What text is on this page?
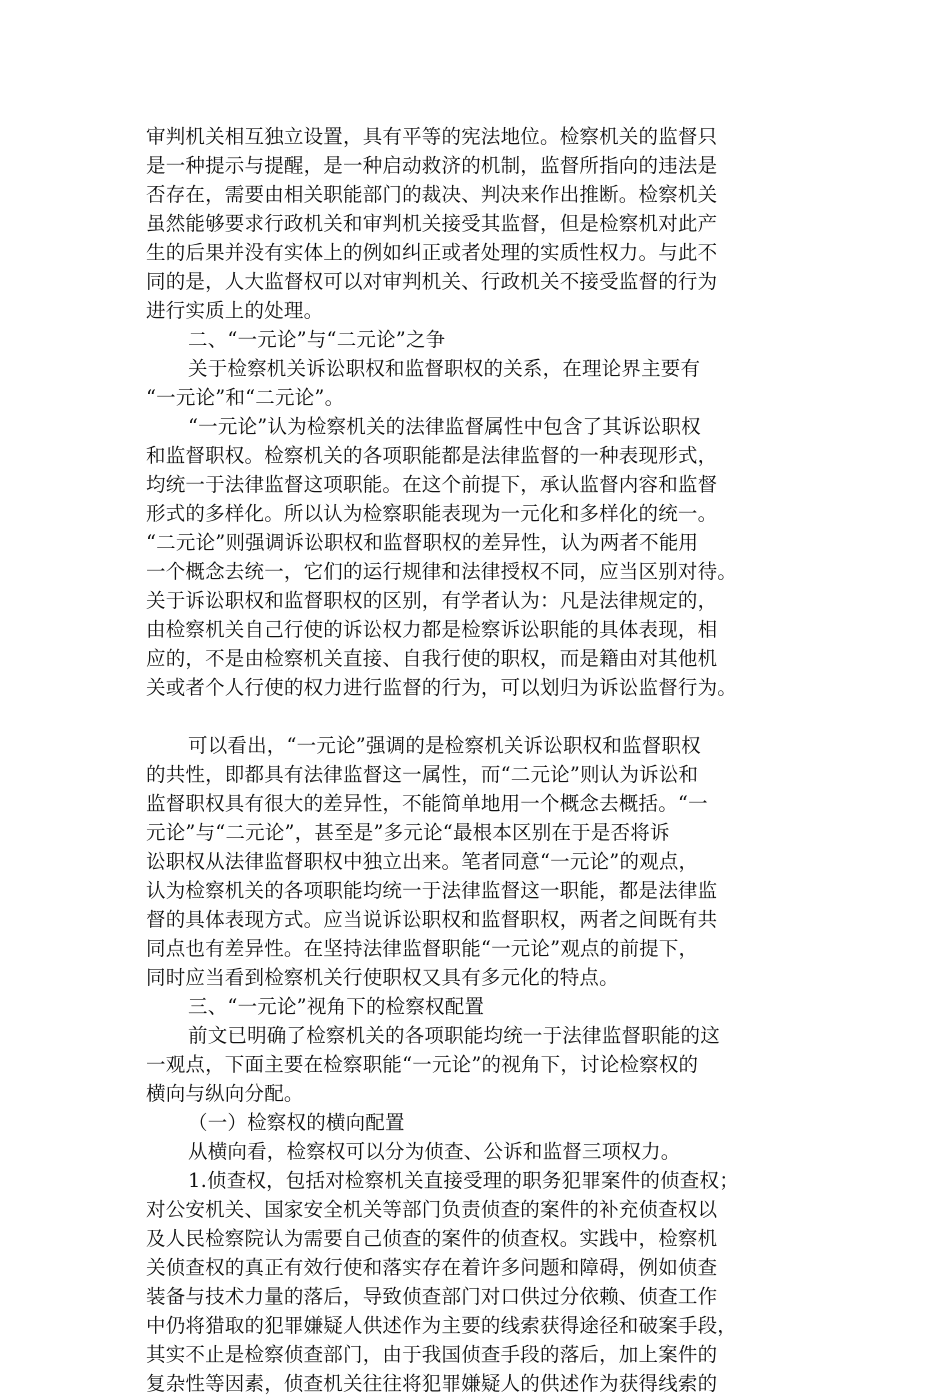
审判机关相互独立设置，具有平等的宪法地位。检察机关的监督只
是一种提示与提醒，是一种启动救济的机制，监督所指向的违法是
否存在，需要由相关职能部门的裁决、判决来作出推断。检察机关
虽然能够要求行政机关和审判机关接受其监督，但是检察机对此产
生的后果并没有实体上的例如纠正或者处理的实质性权力。与此不
同的是，人大监督权可以对审判机关、行政机关不接受监督的行为
进行实质上的处理。
二、“一元论”与“二元论”之争
关于检察机关诉讼职权和监督职权的关系，在理论界主要有
“一元论”和“二元论”。
“一元论”认为检察机关的法律监督属性中包含了其诉讼职权
和监督职权。检察机关的各项职能都是法律监督的一种表现形式，
均统一于法律监督这项职能。在这个前提下，承认监督内容和监督
形式的多样化。所以认为检察职能表现为一元化和多样化的统一。
“二元论”则强调诉讼职权和监督职权的差异性，认为两者不能用
一个概念去统一，它们的运行规律和法律授权不同，应当区别对待。
关于诉讼职权和监督职权的区别，有学者认为：凡是法律规定的，
由检察机关自己行使的诉讼权力都是检察诉讼职能的具体表现，相
应的，不是由检察机关直接、自我行使的职权，而是籍由对其他机
关或者个人行使的权力进行监督的行为，可以划归为诉讼监督行为。
可以看出，“一元论”强调的是检察机关诉讼职权和监督职权
的共性，即都具有法律监督这一属性，而“二元论”则认为诉讼和
监督职权具有很大的差异性，不能简单地用一个概念去概括。“一
元论”与“二元论”，甚至是”多元论“最根本区别在于是否将诉
讼职权从法律监督职权中独立出来。笔者同意“一元论”的观点，
认为检察机关的各项职能均统一于法律监督这一职能，都是法律监
督的具体表现方式。应当说诉讼职权和监督职权，两者之间既有共
同点也有差异性。在坚持法律监督职能“一元论”观点的前提下，
同时应当看到检察机关行使职权又具有多元化的特点。
三、“一元论”视角下的检察权配置
前文已明确了检察机关的各项职能均统一于法律监督职能的这
一观点，下面主要在检察职能“一元论”的视角下，讨论检察权的
横向与纵向分配。
（一）检察权的横向配置
从横向看，检察权可以分为侦查、公诉和监督三项权力。
1.侦查权，包括对检察机关直接受理的职务犯罪案件的侦查权；
对公安机关、国家安全机关等部门负责侦查的案件的补充侦查权以
及人民检察院认为需要自己侦查的案件的侦查权。实践中，检察机
关侦查权的真正有效行使和落实存在着许多问题和障碍，例如侦查
装备与技术力量的落后，导致侦查部门对口供过分依赖、侦查工作
中仍将猎取的犯罪嫌疑人供述作为主要的线索获得途径和破案手段，
其实不止是检察侦查部门，由于我国侦查手段的落后，加上案件的
复杂性等因素，侦查机关往往将犯罪嫌疑人的供述作为获得线索的
